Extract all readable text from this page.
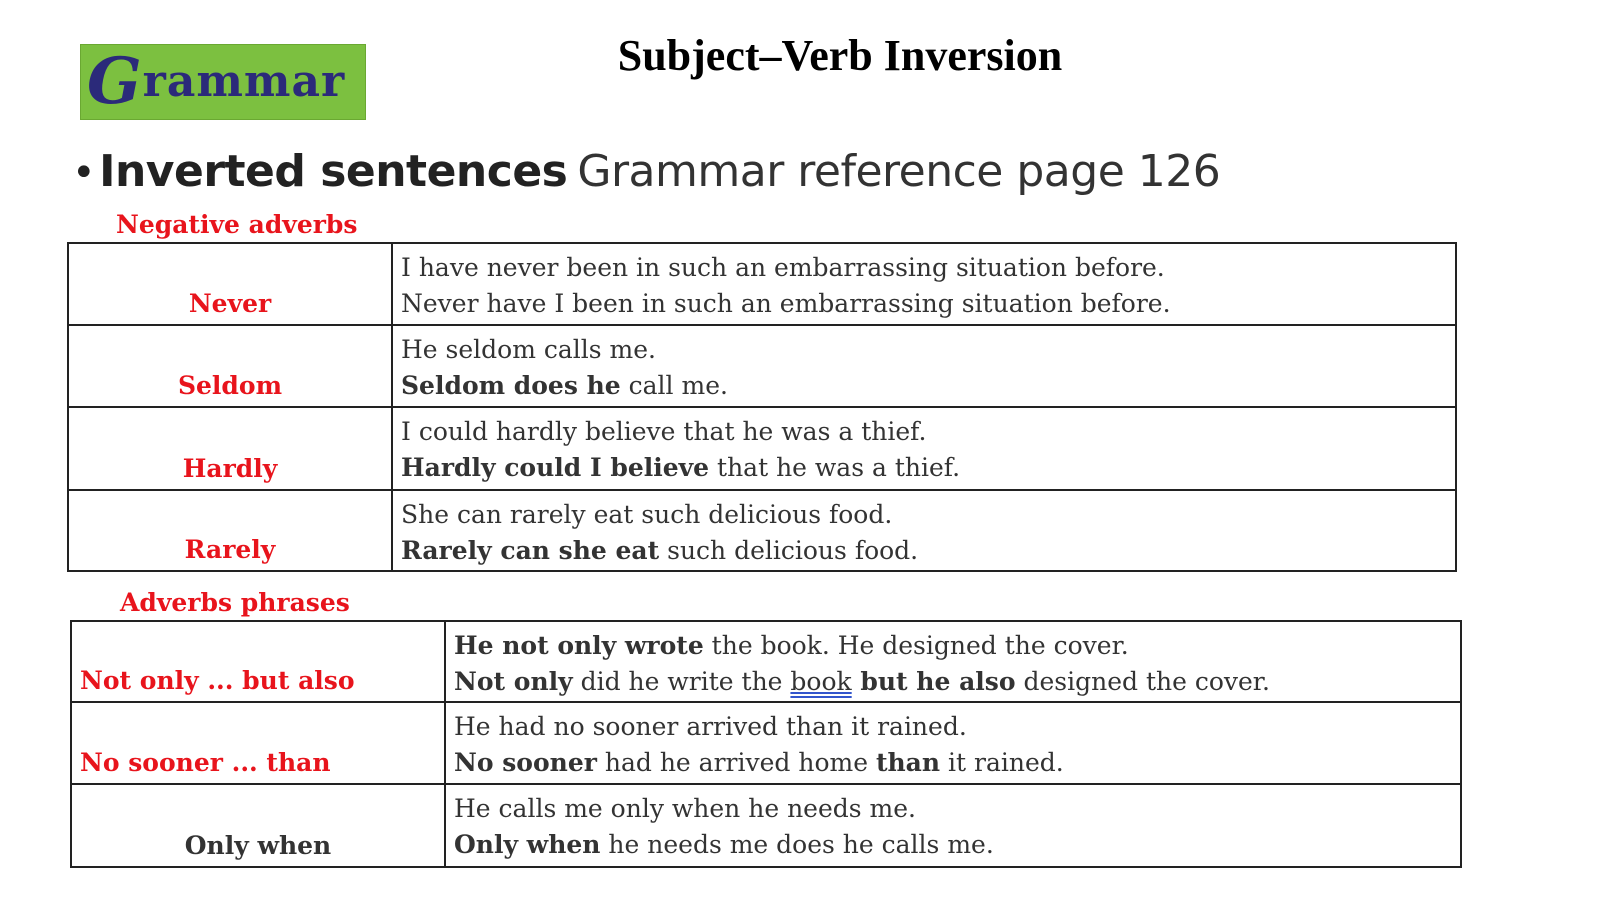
G rammar
Subject–Verb Inversion
•Inverted sentences Grammar reference page 126
Negative adverbs
Never	I have never been in such an embarrassing situation before.
Never have I been in such an embarrassing situation before.

Seldom	He seldom calls me.
Seldom does he call me.

Hardly	I could hardly believe that he was a thief.
Hardly could I believe that he was a thief.

Rarely	She can rarely eat such delicious food.
Rarely can she eat such delicious food.
Adverbs phrases
Not only ... but also	He not only wrote the book. He designed the cover.
Not only did he write the book but he also designed the cover.

No sooner ... than	He had no sooner arrived than it rained.
No sooner had he arrived home than it rained.

Only when	He calls me only when he needs me.
Only when he needs me does he calls me.
